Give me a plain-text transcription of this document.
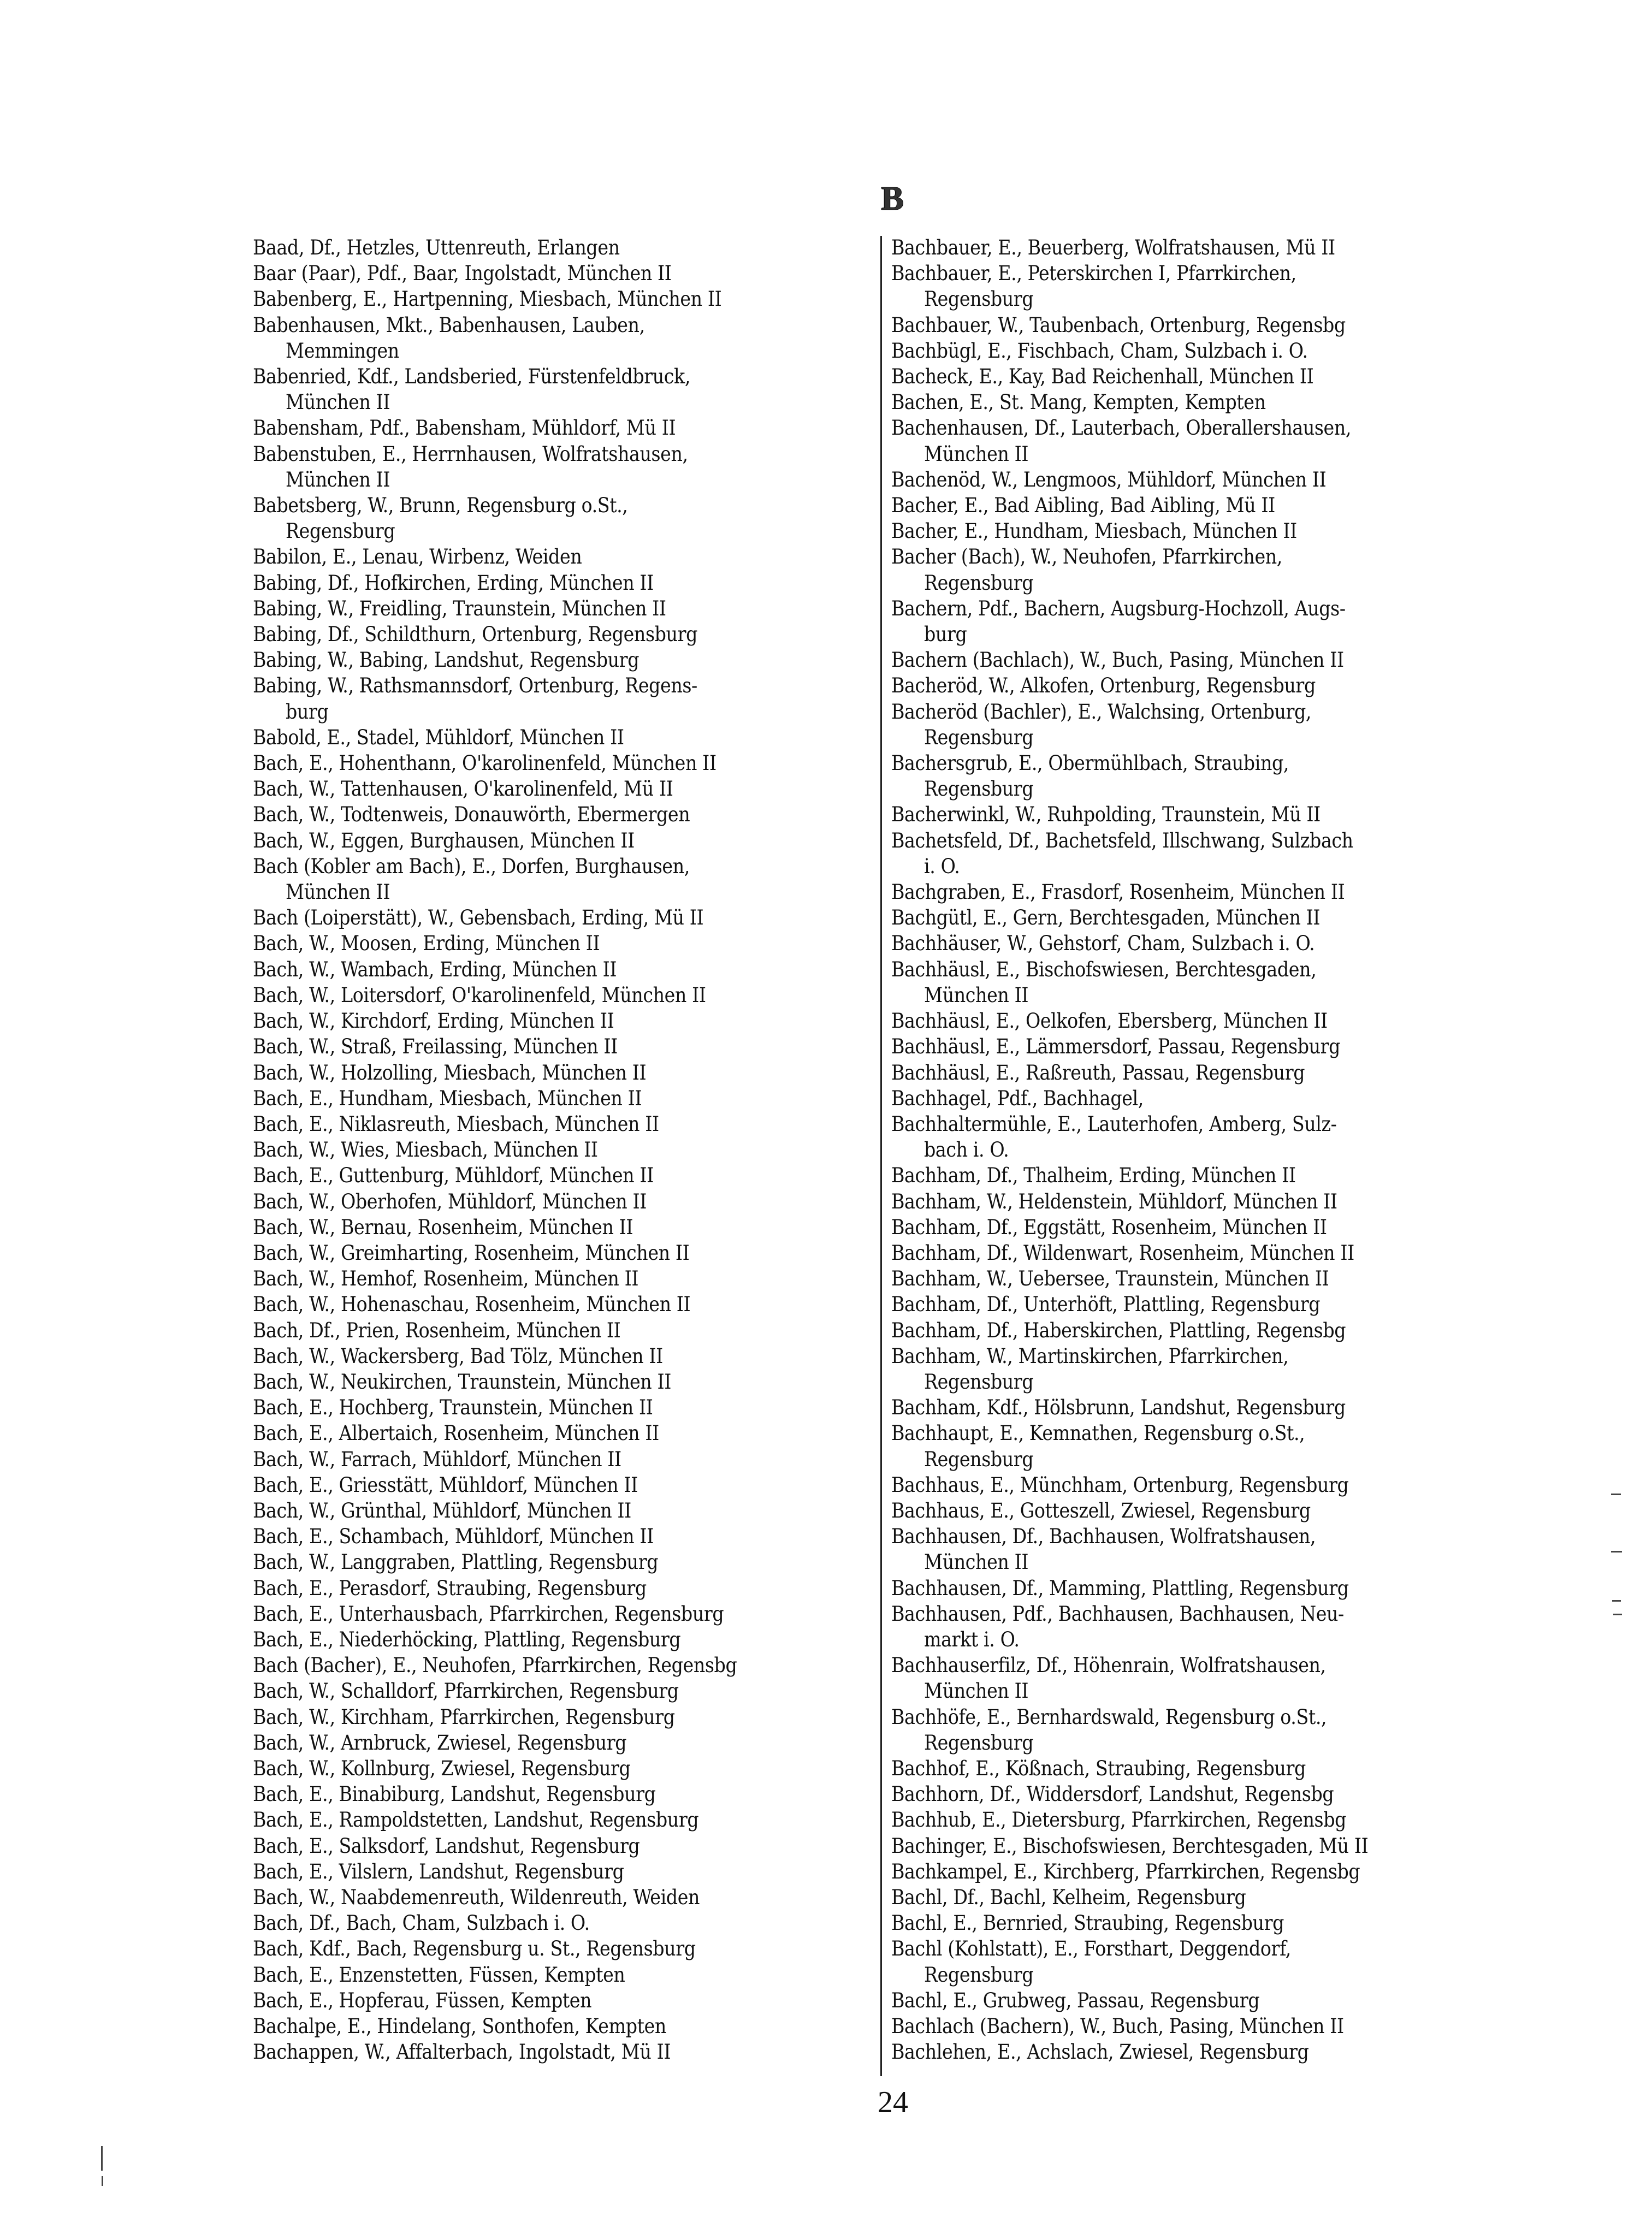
B
Baad, Df., Hetzles, Uttenreuth, Erlangen
Baar (Paar), Pdf., Baar, Ingolstadt, München II
Babenberg, E., Hartpenning, Miesbach, München II
Babenhausen, Mkt., Babenhausen, Lauben,
Memmingen
Babenried, Kdf., Landsberied, Fürstenfeldbruck,
München II
Babensham, Pdf., Babensham, Mühldorf, Mü II
Babenstuben, E., Herrnhausen, Wolfratshausen,
München II
Babetsberg, W., Brunn, Regensburg o.St.,
Regensburg
Babilon, E., Lenau, Wirbenz, Weiden
Babing, Df., Hofkirchen, Erding, München II
Babing, W., Freidling, Traunstein, München II
Babing, Df., Schildthurn, Ortenburg, Regensburg
Babing, W., Babing, Landshut, Regensburg
Babing, W., Rathsmannsdorf, Ortenburg, Regens-
burg
Babold, E., Stadel, Mühldorf, München II
Bach, E., Hohenthann, O'karolinenfeld, München II
Bach, W., Tattenhausen, O'karolinenfeld, Mü II
Bach, W., Todtenweis, Donauwörth, Ebermergen
Bach, W., Eggen, Burghausen, München II
Bach (Kobler am Bach), E., Dorfen, Burghausen,
München II
Bach (Loiperstätt), W., Gebensbach, Erding, Mü II
Bach, W., Moosen, Erding, München II
Bach, W., Wambach, Erding, München II
Bach, W., Loitersdorf, O'karolinenfeld, München II
Bach, W., Kirchdorf, Erding, München II
Bach, W., Straß, Freilassing, München II
Bach, W., Holzolling, Miesbach, München II
Bach, E., Hundham, Miesbach, München II
Bach, E., Niklasreuth, Miesbach, München II
Bach, W., Wies, Miesbach, München II
Bach, E., Guttenburg, Mühldorf, München II
Bach, W., Oberhofen, Mühldorf, München II
Bach, W., Bernau, Rosenheim, München II
Bach, W., Greimharting, Rosenheim, München II
Bach, W., Hemhof, Rosenheim, München II
Bach, W., Hohenaschau, Rosenheim, München II
Bach, Df., Prien, Rosenheim, München II
Bach, W., Wackersberg, Bad Tölz, München II
Bach, W., Neukirchen, Traunstein, München II
Bach, E., Hochberg, Traunstein, München II
Bach, E., Albertaich, Rosenheim, München II
Bach, W., Farrach, Mühldorf, München II
Bach, E., Griesstätt, Mühldorf, München II
Bach, W., Grünthal, Mühldorf, München II
Bach, E., Schambach, Mühldorf, München II
Bach, W., Langgraben, Plattling, Regensburg
Bach, E., Perasdorf, Straubing, Regensburg
Bach, E., Unterhausbach, Pfarrkirchen, Regensburg
Bach, E., Niederhöcking, Plattling, Regensburg
Bach (Bacher), E., Neuhofen, Pfarrkirchen, Regensbg
Bach, W., Schalldorf, Pfarrkirchen, Regensburg
Bach, W., Kirchham, Pfarrkirchen, Regensburg
Bach, W., Arnbruck, Zwiesel, Regensburg
Bach, W., Kollnburg, Zwiesel, Regensburg
Bach, E., Binabiburg, Landshut, Regensburg
Bach, E., Rampoldstetten, Landshut, Regensburg
Bach, E., Salksdorf, Landshut, Regensburg
Bach, E., Vilslern, Landshut, Regensburg
Bach, W., Naabdemenreuth, Wildenreuth, Weiden
Bach, Df., Bach, Cham, Sulzbach i. O.
Bach, Kdf., Bach, Regensburg u. St., Regensburg
Bach, E., Enzenstetten, Füssen, Kempten
Bach, E., Hopferau, Füssen, Kempten
Bachalpe, E., Hindelang, Sonthofen, Kempten
Bachappen, W., Affalterbach, Ingolstadt, Mü II
Bachbauer, E., Beuerberg, Wolfratshausen, Mü II
Bachbauer, E., Peterskirchen I, Pfarrkirchen,
Regensburg
Bachbauer, W., Taubenbach, Ortenburg, Regensbg
Bachbügl, E., Fischbach, Cham, Sulzbach i. O.
Bacheck, E., Kay, Bad Reichenhall, München II
Bachen, E., St. Mang, Kempten, Kempten
Bachenhausen, Df., Lauterbach, Oberallershausen,
München II
Bachenöd, W., Lengmoos, Mühldorf, München II
Bacher, E., Bad Aibling, Bad Aibling, Mü II
Bacher, E., Hundham, Miesbach, München II
Bacher (Bach), W., Neuhofen, Pfarrkirchen,
Regensburg
Bachern, Pdf., Bachern, Augsburg-Hochzoll, Augs-
burg
Bachern (Bachlach), W., Buch, Pasing, München II
Bacheröd, W., Alkofen, Ortenburg, Regensburg
Bacheröd (Bachler), E., Walchsing, Ortenburg,
Regensburg
Bachersgrub, E., Obermühlbach, Straubing,
Regensburg
Bacherwinkl, W., Ruhpolding, Traunstein, Mü II
Bachetsfeld, Df., Bachetsfeld, Illschwang, Sulzbach
i. O.
Bachgraben, E., Frasdorf, Rosenheim, München II
Bachgütl, E., Gern, Berchtesgaden, München II
Bachhäuser, W., Gehstorf, Cham, Sulzbach i. O.
Bachhäusl, E., Bischofswiesen, Berchtesgaden,
München II
Bachhäusl, E., Oelkofen, Ebersberg, München II
Bachhäusl, E., Lämmersdorf, Passau, Regensburg
Bachhäusl, E., Raßreuth, Passau, Regensburg
Bachhagel, Pdf., Bachhagel,
Bachhaltermühle, E., Lauterhofen, Amberg, Sulz-
bach i. O.
Bachham, Df., Thalheim, Erding, München II
Bachham, W., Heldenstein, Mühldorf, München II
Bachham, Df., Eggstätt, Rosenheim, München II
Bachham, Df., Wildenwart, Rosenheim, München II
Bachham, W., Uebersee, Traunstein, München II
Bachham, Df., Unterhöft, Plattling, Regensburg
Bachham, Df., Haberskirchen, Plattling, Regensbg
Bachham, W., Martinskirchen, Pfarrkirchen,
Regensburg
Bachham, Kdf., Hölsbrunn, Landshut, Regensburg
Bachhaupt, E., Kemnathen, Regensburg o.St.,
Regensburg
Bachhaus, E., Münchham, Ortenburg, Regensburg
Bachhaus, E., Gotteszell, Zwiesel, Regensburg
Bachhausen, Df., Bachhausen, Wolfratshausen,
München II
Bachhausen, Df., Mamming, Plattling, Regensburg
Bachhausen, Pdf., Bachhausen, Bachhausen, Neu-
markt i. O.
Bachhauserfilz, Df., Höhenrain, Wolfratshausen,
München II
Bachhöfe, E., Bernhardswald, Regensburg o.St.,
Regensburg
Bachhof, E., Kößnach, Straubing, Regensburg
Bachhorn, Df., Widdersdorf, Landshut, Regensbg
Bachhub, E., Dietersburg, Pfarrkirchen, Regensbg
Bachinger, E., Bischofswiesen, Berchtesgaden, Mü II
Bachkampel, E., Kirchberg, Pfarrkirchen, Regensbg
Bachl, Df., Bachl, Kelheim, Regensburg
Bachl, E., Bernried, Straubing, Regensburg
Bachl (Kohlstatt), E., Forsthart, Deggendorf,
Regensburg
Bachl, E., Grubweg, Passau, Regensburg
Bachlach (Bachern), W., Buch, Pasing, München II
Bachlehen, E., Achslach, Zwiesel, Regensburg
24
